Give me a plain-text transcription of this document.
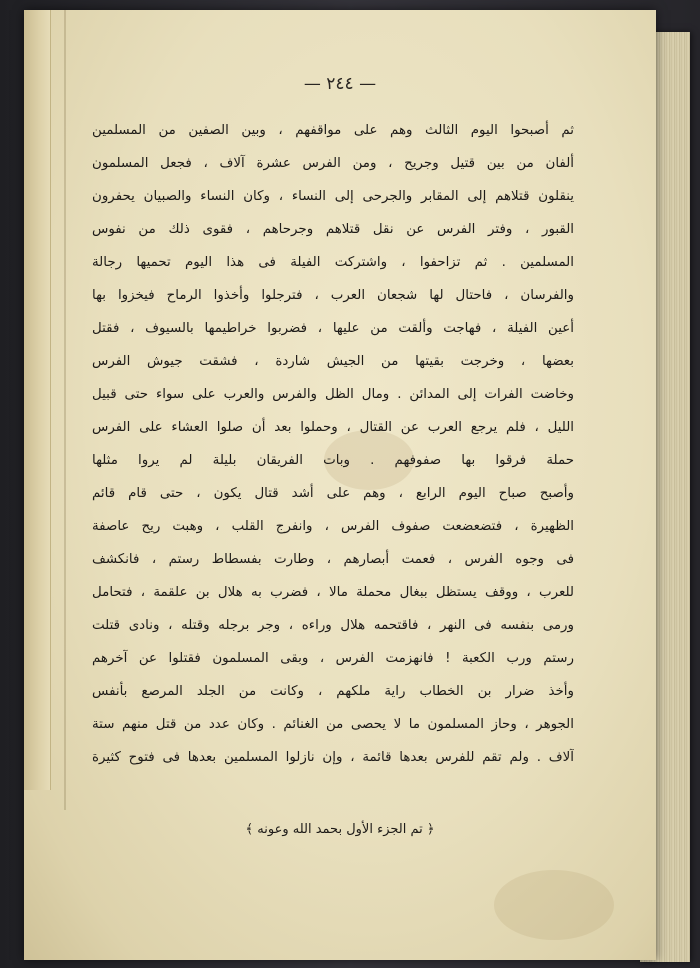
— ٢٤٤ —
ثم أصبحوا اليوم الثالث وهم على مواقفهم ، وبين الصفين من المسلمين
ألفان من بين قتيل وجريح ، ومن الفرس عشرة آلاف ، فجعل المسلمون
ينقلون قتلاهم إلى المقابر والجرحى إلى النساء ، وكان النساء والصبيان يحفرون
القبور ، وفتر الفرس عن نقل قتلاهم وجرحاهم ، فقوى ذلك من نفوس
المسلمين . ثم تزاحفوا ، واشتركت الفيلة فى هذا اليوم تحميها رجالة
والفرسان ، فاحتال لها شجعان العرب ، فترجلوا وأخذوا الرماح فيخزوا بها
أعين الفيلة ، فهاجت وألقت من عليها ، فضربوا خراطيمها بالسيوف ، فقتل
بعضها ، وخرجت بقيتها من الجيش شاردة ، فشقت جيوش الفرس
وخاضت الفرات إلى المدائن . ومال الظل والفرس والعرب على سواء حتى قبيل
الليل ، فلم يرجع العرب عن القتال ، وحملوا بعد أن صلوا العشاء على الفرس
حملة فرقوا بها صفوفهم . وبات الفريقان بليلة لم يروا مثلها
وأصبح صباح اليوم الرابع ، وهم على أشد قتال يكون ، حتى قام قائم
الظهيرة ، فتضعضعت صفوف الفرس ، وانفرج القلب ، وهبت ريح عاصفة
فى وجوه الفرس ، فعمت أبصارهم ، وطارت بفسطاط رستم ، فانكشف
للعرب ، ووقف يستظل ببغال محملة مالا ، فضرب به هلال بن علقمة ، فتحامل
ورمى بنفسه فى النهر ، فاقتحمه هلال وراءه ، وجر برجله وقتله ، ونادى قتلت
رستم ورب الكعبة ! فانهزمت الفرس ، وبقى المسلمون فقتلوا عن آخرهم
وأخذ ضرار بن الخطاب راية ملكهم ، وكانت من الجلد المرصع بأنفس
الجوهر ، وحاز المسلمون ما لا يحصى من الغنائم . وكان عدد من قتل منهم ستة
آلاف . ولم تقم للفرس بعدها قائمة ، وإن نازلوا المسلمين بعدها فى فتوح كثيرة
﴿ تم الجزء الأول بحمد الله وعونه ﴾
